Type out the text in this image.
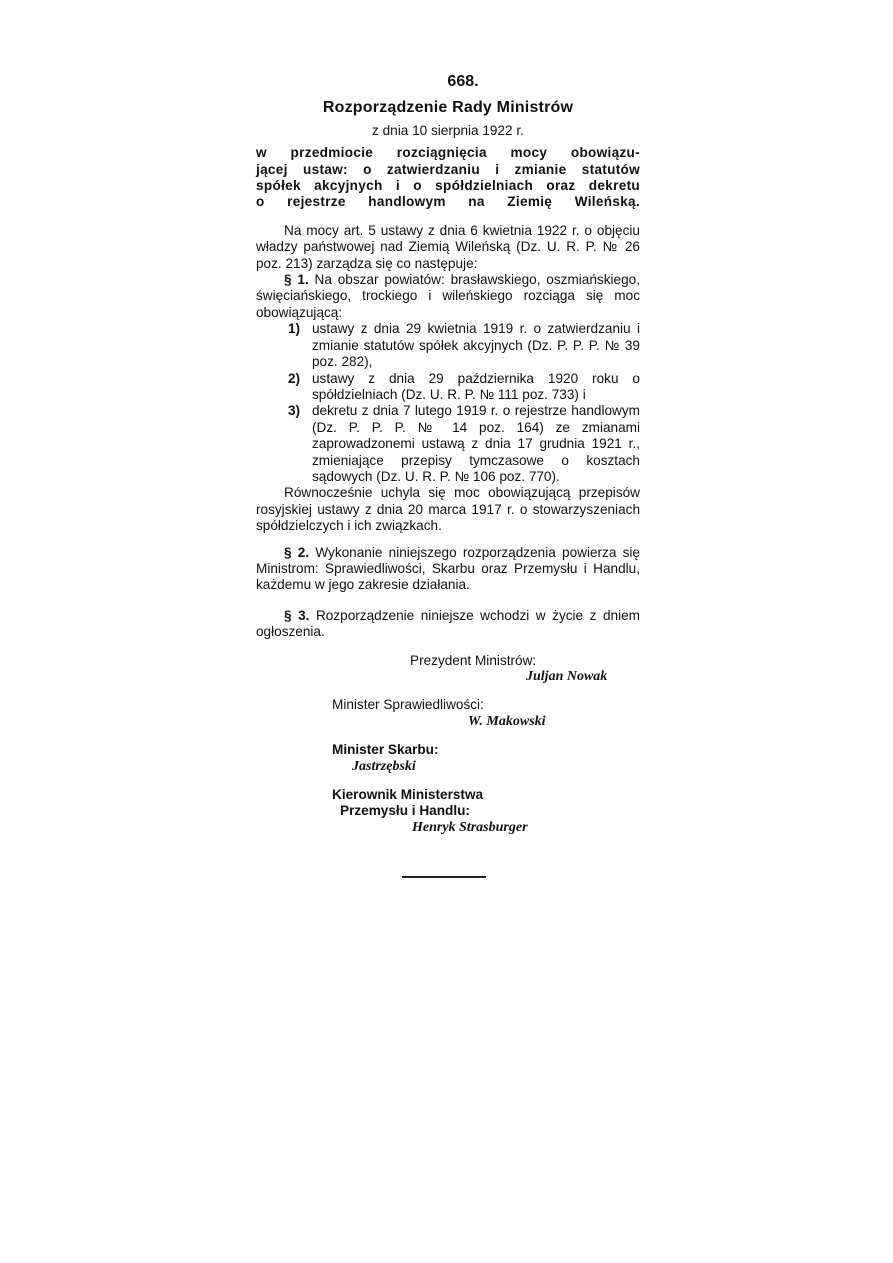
668.
Rozporządzenie Rady Ministrów
z dnia 10 sierpnia 1922 r.
w przedmiocie rozciągnięcia mocy obowiązu-
jącej ustaw: o zatwierdzaniu i zmianie statutów
spółek akcyjnych i o spółdzielniach oraz dekretu
o rejestrze handlowym na Ziemię Wileńską.

Na mocy art. 5 ustawy z dnia 6 kwietnia 1922 r. o objęciu władzy państwowej nad Ziemią Wileńską (Dz. U. R. P. № 26 poz. 213) zarządza się co następuje:

§ 1. Na obszar powiatów: brasławskiego, oszmiańskiego, święciańskiego, trockiego i wileńskiego rozciąga się moc obowiązującą:

1) ustawy z dnia 29 kwietnia 1919 r. o zatwierdzaniu i zmianie statutów spółek akcyjnych (Dz. P. P. P. № 39 poz. 282),
2) ustawy z dnia 29 października 1920 roku o spółdzielniach (Dz. U. R. P. № 111 poz. 733) i
3) dekretu z dnia 7 lutego 1919 r. o rejestrze handlowym (Dz. P. P. P. № 14 poz. 164) ze zmianami zaprowadzonemi ustawą z dnia 17 grudnia 1921 r., zmieniające przepisy tymczasowe o kosztach sądowych (Dz. U. R. P. № 106 poz. 770).

Równocześnie uchyla się moc obowiązującą przepisów rosyjskiej ustawy z dnia 20 marca 1917 r. o stowarzyszeniach spółdzielczych i ich związkach.

§ 2. Wykonanie niniejszego rozporządzenia powierza się Ministrom: Sprawiedliwości, Skarbu oraz Przemysłu i Handlu, każdemu w jego zakresie działania.

§ 3. Rozporządzenie niniejsze wchodzi w życie z dniem ogłoszenia.

Prezydent Ministrów:
Juljan Nowak
Minister Sprawiedliwości:
W. Makowski
Minister Skarbu:
Jastrzębski
Kierownik Ministerstwa
Przemysłu i Handlu:
Henryk Strasburger
